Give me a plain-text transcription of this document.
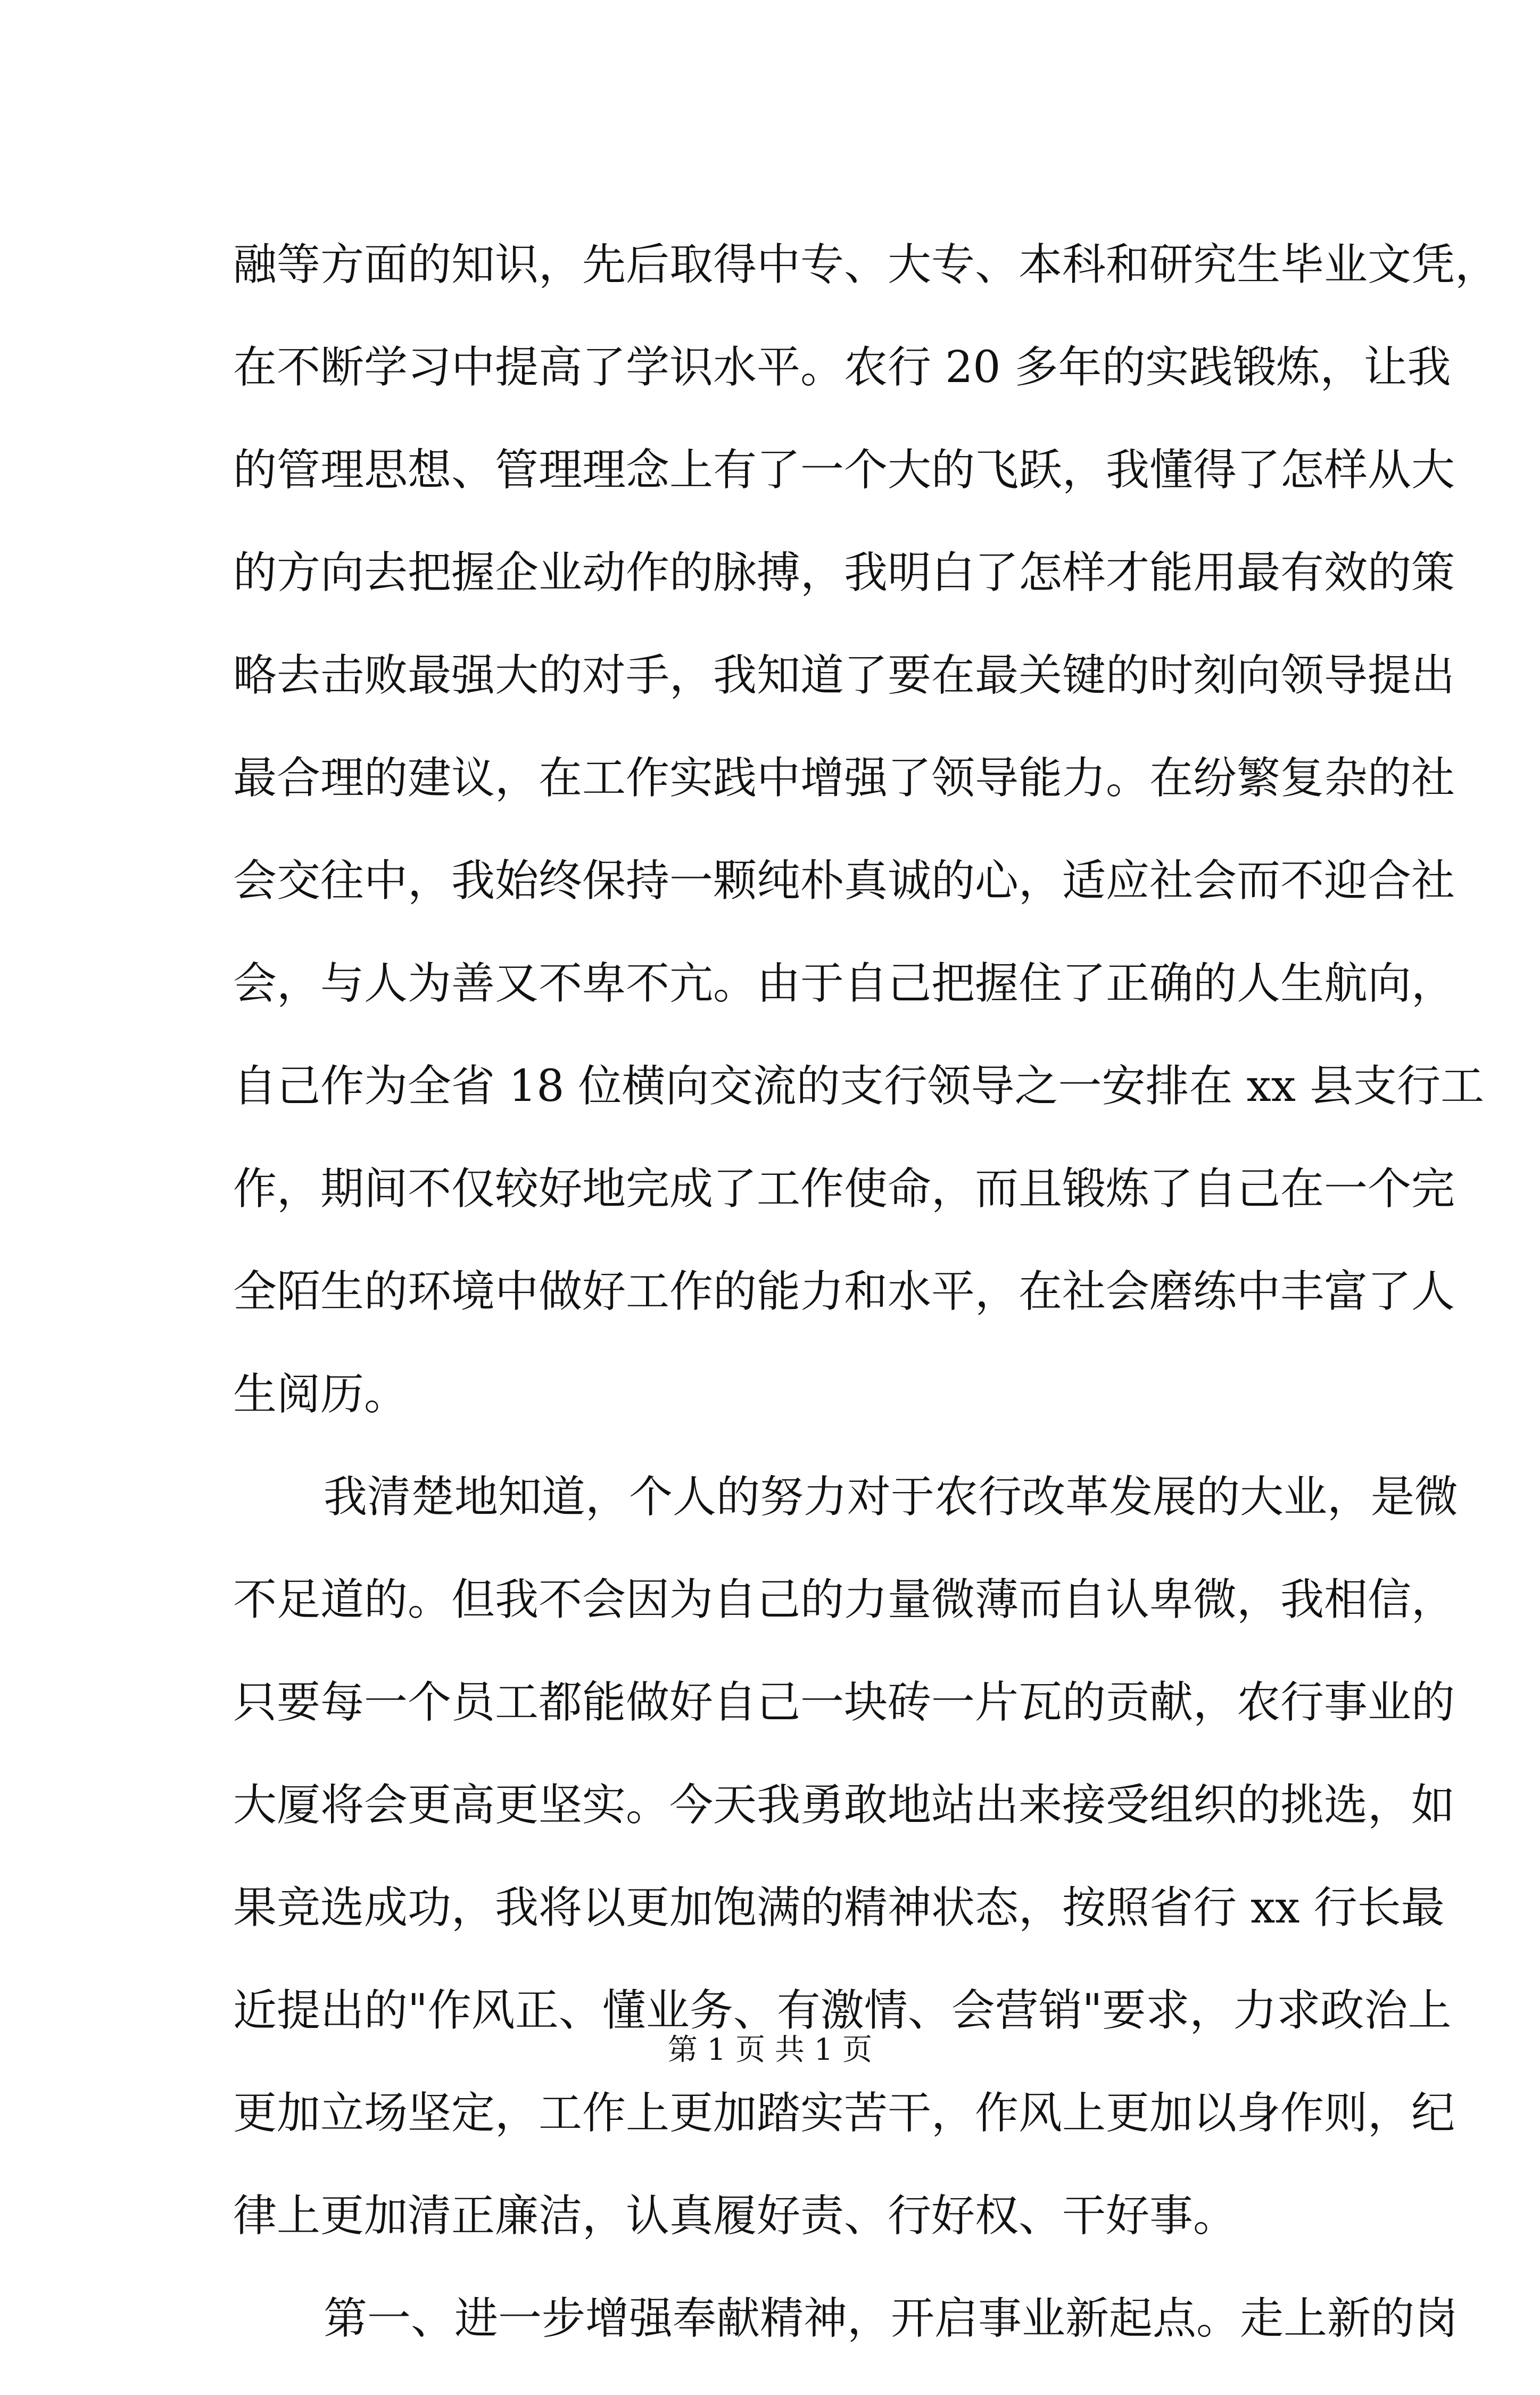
融等方面的知识，先后取得中专、大专、本科和研究生毕业文凭，
在不断学习中提高了学识水平。农行 20 多年的实践锻炼，让我
的管理思想、管理理念上有了一个大的飞跃，我懂得了怎样从大
的方向去把握企业动作的脉搏，我明白了怎样才能用最有效的策
略去击败最强大的对手，我知道了要在最关键的时刻向领导提出
最合理的建议，在工作实践中增强了领导能力。在纷繁复杂的社
会交往中，我始终保持一颗纯朴真诚的心，适应社会而不迎合社
会，与人为善又不卑不亢。由于自己把握住了正确的人生航向，
自己作为全省 18 位横向交流的支行领导之一安排在 xx 县支行工
作，期间不仅较好地完成了工作使命，而且锻炼了自己在一个完
全陌生的环境中做好工作的能力和水平，在社会磨练中丰富了人
生阅历。
我清楚地知道，个人的努力对于农行改革发展的大业，是微
不足道的。但我不会因为自己的力量微薄而自认卑微，我相信，
只要每一个员工都能做好自己一块砖一片瓦的贡献，农行事业的
大厦将会更高更坚实。今天我勇敢地站出来接受组织的挑选，如
果竞选成功，我将以更加饱满的精神状态，按照省行 xx 行长最
近提出的"作风正、懂业务、有激情、会营销"要求，力求政治上
更加立场坚定，工作上更加踏实苦干，作风上更加以身作则，纪
律上更加清正廉洁，认真履好责、行好权、干好事。
第一、进一步增强奉献精神，开启事业新起点。走上新的岗
第 1 页 共 1 页
